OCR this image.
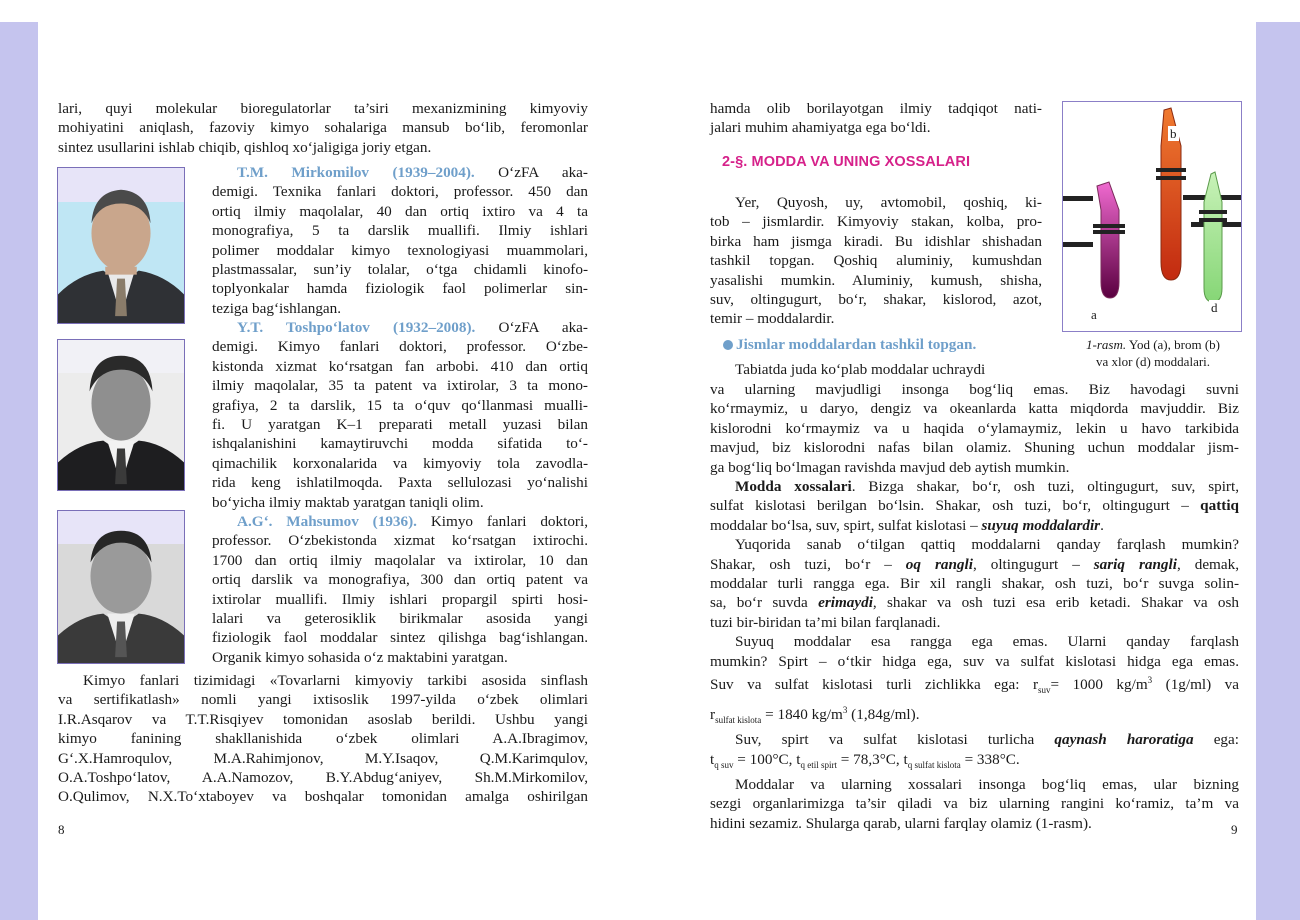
lari, quyi molekular bioregulatorlar ta’siri mexanizmining kimyoviy

mohiyatini aniqlash, fazoviy kimyo sohalariga mansub bo‘lib, feromonlar

sintez usullarini ishlab chiqib, qishloq xo‘jaligiga joriy etgan.

T.M. Mirkomilov (1939–2004). O‘zFA aka-

demigi. Texnika fanlari doktori, professor. 450 dan

ortiq ilmiy maqolalar, 40 dan ortiq ixtiro va 4 ta

monografiya, 5 ta darslik muallifi. Ilmiy ishlari

polimer moddalar kimyo texnologiyasi muammolari,

plastmassalar, sun’iy tolalar, o‘tga chidamli kinofo-

toplyonkalar hamda fiziologik faol polimerlar sin-

teziga bag‘ishlangan.

Y.T. Toshpo‘latov (1932–2008). O‘zFA aka-

demigi. Kimyo fanlari doktori, professor. O‘zbe-

kistonda xizmat ko‘rsatgan fan arbobi. 410 dan ortiq

ilmiy maqolalar, 35 ta patent va ixtirolar, 3 ta mono-

grafiya, 2 ta darslik, 15 ta o‘quv qo‘llanmasi mualli-

fi. U yaratgan K–1 preparati metall yuzasi bilan

ishqalanishini kamaytiruvchi modda sifatida to‘-

qimachilik korxonalarida va kimyoviy tola zavodla-

rida keng ishlatilmoqda. Paxta sellulozasi yo‘nalishi

bo‘yicha ilmiy maktab yaratgan taniqli olim.

A.G‘. Mahsumov (1936). Kimyo fanlari doktori,

professor. O‘zbekistonda xizmat ko‘rsatgan ixtirochi.

1700 dan ortiq ilmiy maqolalar va ixtirolar, 10 dan

ortiq darslik va monografiya, 300 dan ortiq patent va

ixtirolar muallifi. Ilmiy ishlari propargil spirti hosi-

lalari va geterosiklik birikmalar asosida yangi

fiziologik faol moddalar sintez qilishga bag‘ishlangan.

Organik kimyo sohasida o‘z maktabini yaratgan.

Kimyo fanlari tizimidagi «Tovarlarni kimyoviy tarkibi asosida sinflash

va sertifikatlash» nomli yangi ixtisoslik 1997-yilda o‘zbek olimlari

I.R.Asqarov va T.T.Risqiyev tomonidan asoslab berildi. Ushbu yangi

kimyo fanining shakllanishida o‘zbek olimlari A.A.Ibragimov,

G‘.X.Hamroqulov, M.A.Rahimjonov, M.Y.Isaqov, Q.M.Karimqulov,

O.A.Toshpo‘latov, A.A.Namozov, B.Y.Abdug‘aniyev, Sh.M.Mirkomilov,

O.Qulimov, N.X.To‘xtaboyev va boshqalar tomonidan amalga oshirilgan

8

hamda olib borilayotgan ilmiy tadqiqot nati-

jalari muhim ahamiyatga ega bo‘ldi.

2-§. MODDA VA UNING XOSSALARI

Yer, Quyosh, uy, avtomobil, qoshiq, ki-

tob – jismlardir. Kimyoviy stakan, kolba, pro-

birka ham jismga kiradi. Bu idishlar shishadan

tashkil topgan. Qoshiq aluminiy, kumushdan

yasalishi mumkin. Aluminiy, kumush, shisha,

suv, oltingugurt, bo‘r, shakar, kislorod, azot,

temir – moddalardir.

Jismlar moddalardan tashkil topgan.

Tabiatda juda ko‘plab moddalar uchraydi

a
b
d
1-rasm. Yod (a), brom (b)
va xlor (d) moddalari.

va ularning mavjudligi insonga bog‘liq emas. Biz havodagi suvni

ko‘rmaymiz, u daryo, dengiz va okeanlarda katta miqdorda mavjuddir. Biz

kislorodni ko‘rmaymiz va u haqida o‘ylamaymiz, lekin u havo tarkibida

mavjud, biz kislorodni nafas bilan olamiz. Shuning uchun moddalar jism-

ga bog‘liq bo‘lmagan ravishda mavjud deb aytish mumkin.

Modda xossalari. Bizga shakar, bo‘r, osh tuzi, oltingugurt, suv, spirt,

sulfat kislotasi berilgan bo‘lsin. Shakar, osh tuzi, bo‘r, oltingugurt – qattiq

moddalar bo‘lsa, suv, spirt, sulfat kislotasi – suyuq moddalardir.

Yuqorida sanab o‘tilgan qattiq moddalarni qanday farqlash mumkin?

Shakar, osh tuzi, bo‘r – oq rangli, oltingugurt – sariq rangli, demak,

moddalar turli rangga ega. Bir xil rangli shakar, osh tuzi, bo‘r suvga solin-

sa, bo‘r suvda erimaydi, shakar va osh tuzi esa erib ketadi. Shakar va osh

tuzi bir-biridan ta’mi bilan farqlanadi.

Suyuq moddalar esa rangga ega emas. Ularni qanday farqlash

mumkin? Spirt – o‘tkir hidga ega, suv va sulfat kislotasi hidga ega emas.

Suv va sulfat kislotasi turli zichlikka ega: $r_{suv}= 1000$ $kg/m^3$ (1g/ml) va

$r_{sulfat kislota} = 1840$ $kg/m^3$ (1,84g/ml).

Suv, spirt va sulfat kislotasi turlicha qaynash haroratiga ega:

$t_{q suv} = 100^\circ C$, $t_{q etil spirt} = 78,3^\circ C$, $t_{q sulfat kislota} = 338^\circ C$.

Moddalar va ularning xossalari insonga bog‘liq emas, ular bizning

sezgi organlarimizga ta’sir qiladi va biz ularning rangini ko‘ramiz, ta’m va

hidini sezamiz. Shularga qarab, ularni farqlay olamiz (1-rasm).	9
